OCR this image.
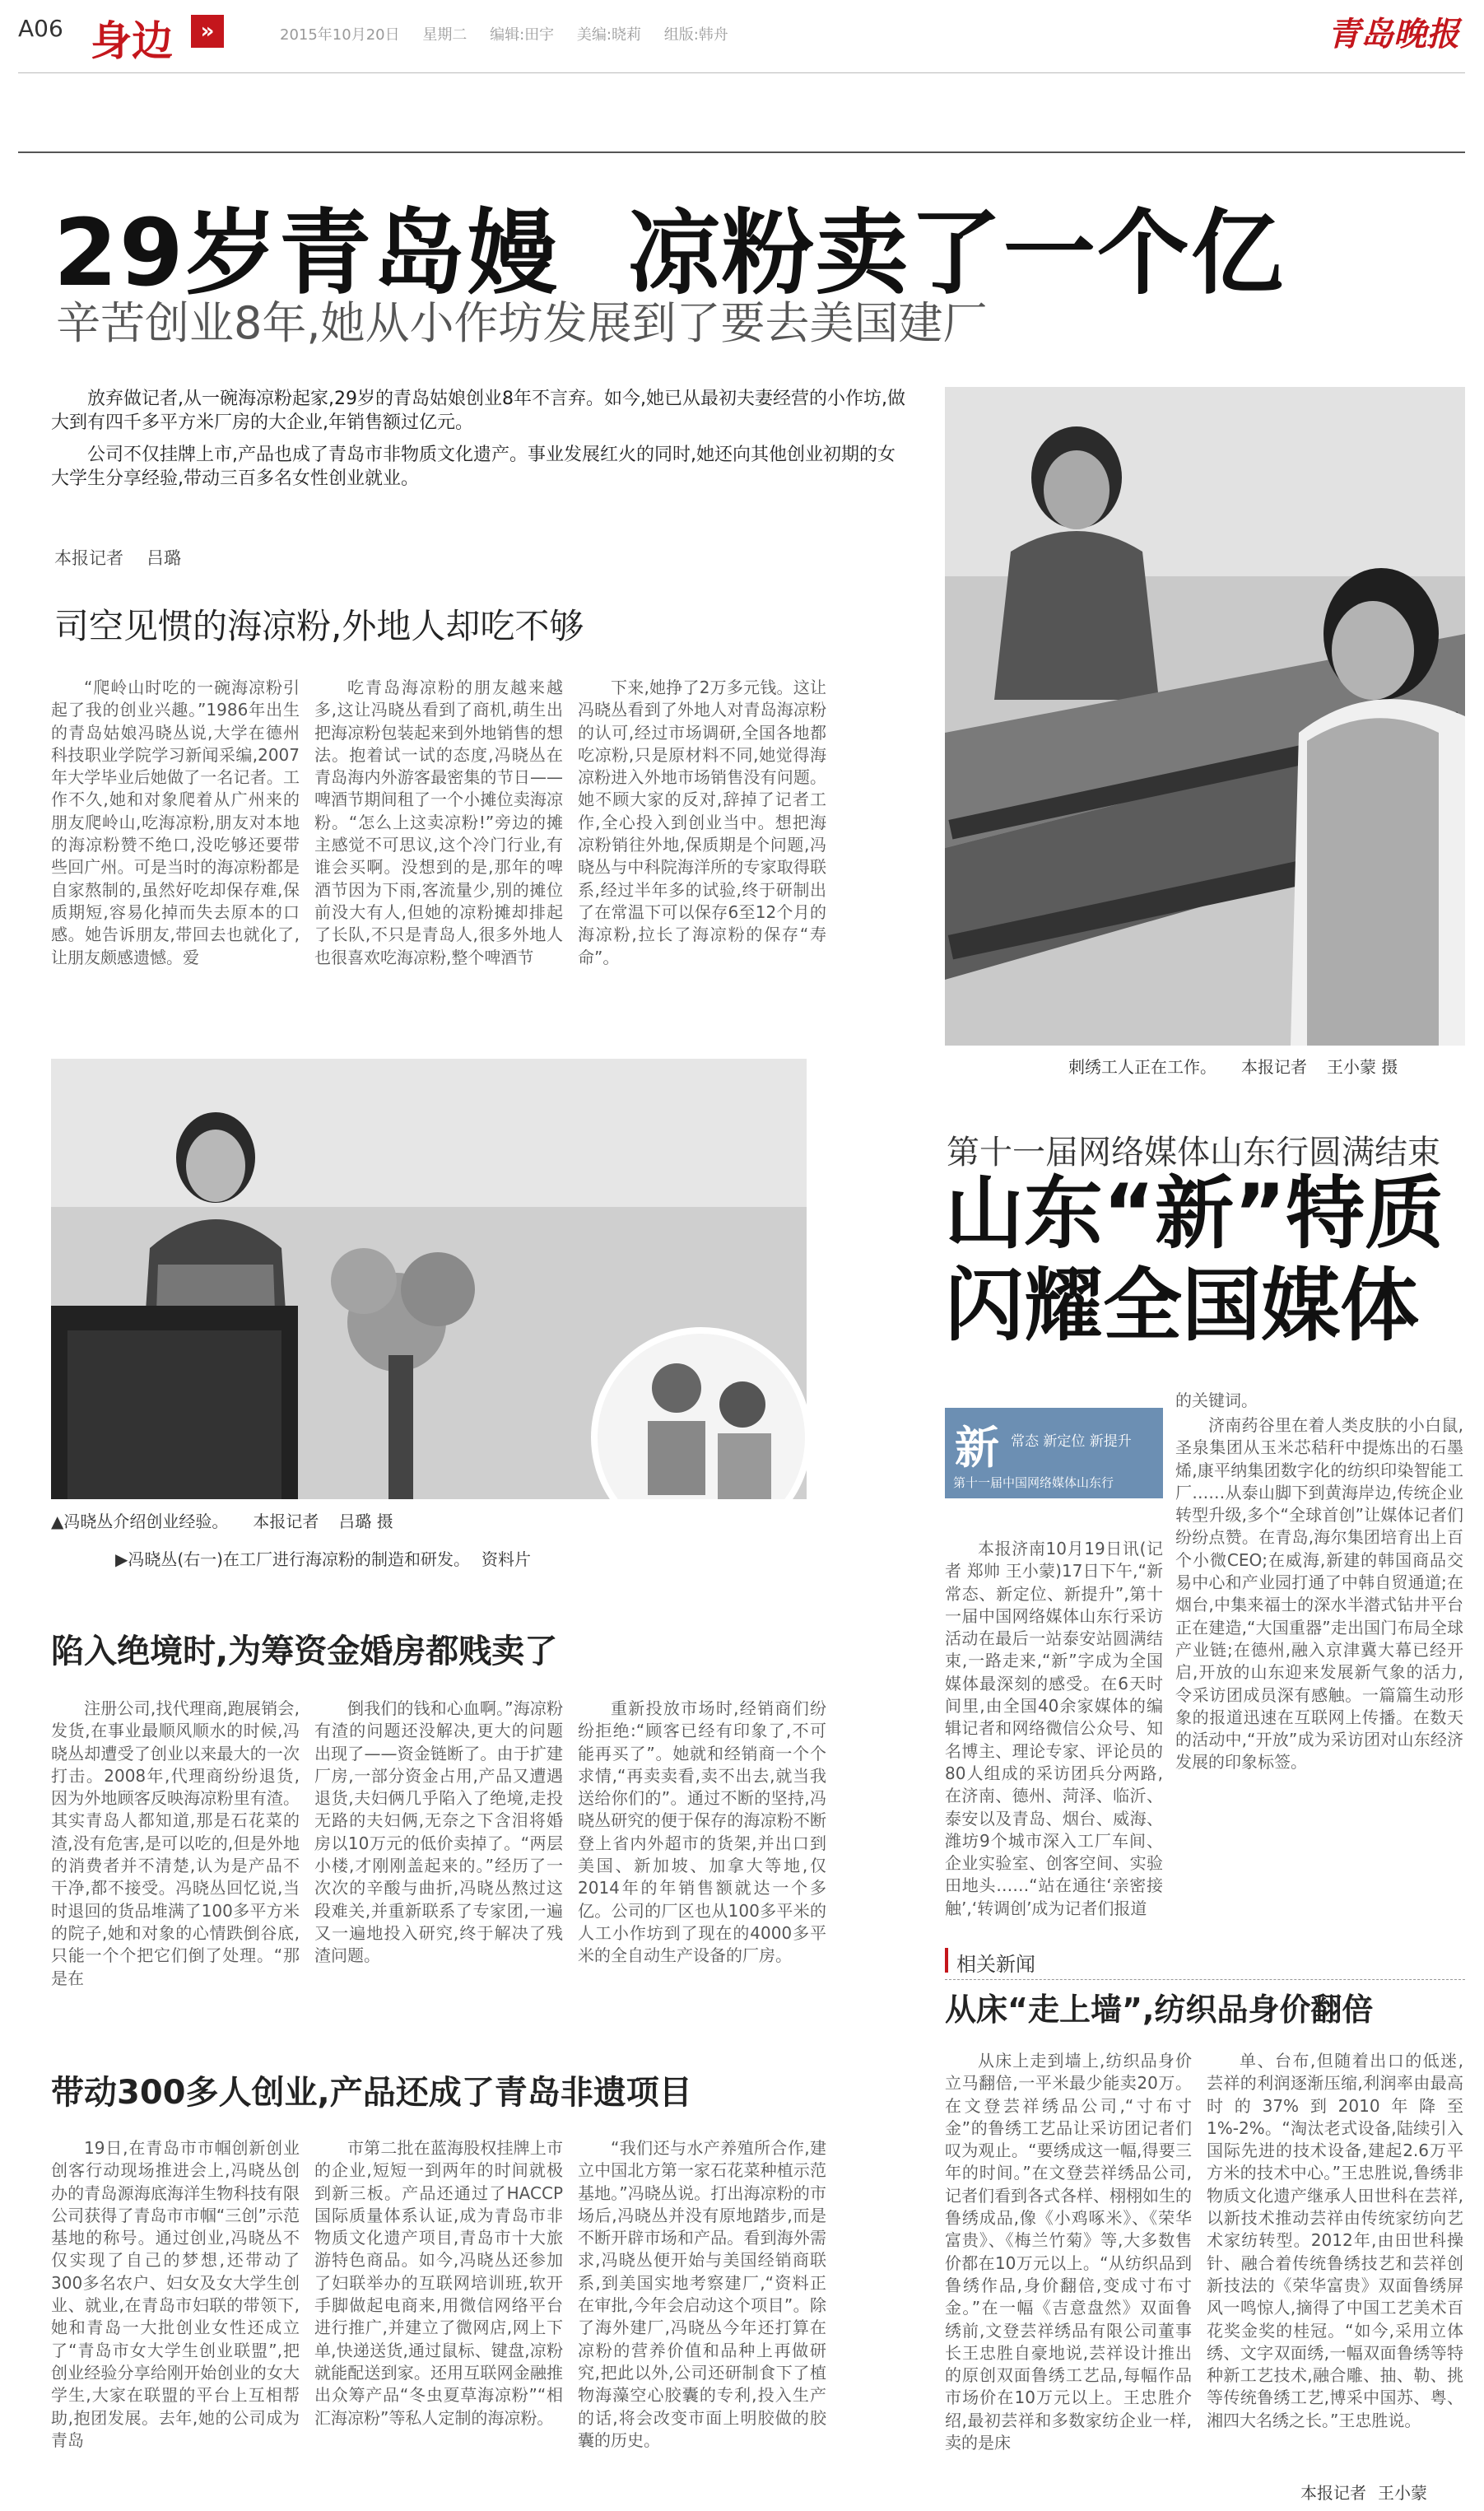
A06 身边	»	2015年10月20日 星期二 编辑:田宇 美编:晓莉 组版:韩舟	青岛晚报
29岁青岛嫚  凉粉卖了一个亿
辛苦创业8年,她从小作坊发展到了要去美国建厂

放弃做记者,从一碗海凉粉起家,29岁的青岛姑娘创业8年不言弃。如今,她已从最初夫妻经营的小作坊,做大到有四千多平方米厂房的大企业,年销售额过亿元。

公司不仅挂牌上市,产品也成了青岛市非物质文化遗产。事业发展红火的同时,她还向其他创业初期的女大学生分享经验,带动三百多名女性创业就业。

本报记者 吕璐
司空见惯的海凉粉,外地人却吃不够

“爬岭山时吃的一碗海凉粉引起了我的创业兴趣。”1986年出生的青岛姑娘冯晓丛说,大学在德州科技职业学院学习新闻采编,2007年大学毕业后她做了一名记者。工作不久,她和对象爬着从广州来的朋友爬岭山,吃海凉粉,朋友对本地的海凉粉赞不绝口,没吃够还要带些回广州。可是当时的海凉粉都是自家熬制的,虽然好吃却保存难,保质期短,容易化掉而失去原本的口感。她告诉朋友,带回去也就化了,让朋友颇感遗憾。爱

吃青岛海凉粉的朋友越来越多,这让冯晓丛看到了商机,萌生出把海凉粉包装起来到外地销售的想法。抱着试一试的态度,冯晓丛在青岛海内外游客最密集的节日——啤酒节期间租了一个小摊位卖海凉粉。“怎么上这卖凉粉!”旁边的摊主感觉不可思议,这个冷门行业,有谁会买啊。没想到的是,那年的啤酒节因为下雨,客流量少,别的摊位前没大有人,但她的凉粉摊却排起了长队,不只是青岛人,很多外地人也很喜欢吃海凉粉,整个啤酒节

下来,她挣了2万多元钱。这让冯晓丛看到了外地人对青岛海凉粉的认可,经过市场调研,全国各地都吃凉粉,只是原材料不同,她觉得海凉粉进入外地市场销售没有问题。她不顾大家的反对,辞掉了记者工作,全心投入到创业当中。想把海凉粉销往外地,保质期是个问题,冯晓丛与中科院海洋所的专家取得联系,经过半年多的试验,终于研制出了在常温下可以保存6至12个月的海凉粉,拉长了海凉粉的保存“寿命”。

▲冯晓丛介绍创业经验。 本报记者 吕璐 摄
▶冯晓丛(右一)在工厂进行海凉粉的制造和研发。 资料片
陷入绝境时,为筹资金婚房都贱卖了

注册公司,找代理商,跑展销会,发货,在事业最顺风顺水的时候,冯晓丛却遭受了创业以来最大的一次打击。2008年,代理商纷纷退货,因为外地顾客反映海凉粉里有渣。其实青岛人都知道,那是石花菜的渣,没有危害,是可以吃的,但是外地的消费者并不清楚,认为是产品不干净,都不接受。冯晓丛回忆说,当时退回的货品堆满了100多平方米的院子,她和对象的心情跌倒谷底,只能一个个把它们倒了处理。“那是在

倒我们的钱和心血啊。”海凉粉有渣的问题还没解决,更大的问题出现了——资金链断了。由于扩建厂房,一部分资金占用,产品又遭遇退货,夫妇俩几乎陷入了绝境,走投无路的夫妇俩,无奈之下含泪将婚房以10万元的低价卖掉了。“两层小楼,才刚刚盖起来的。”经历了一次次的辛酸与曲折,冯晓丛熬过这段难关,并重新联系了专家团,一遍又一遍地投入研究,终于解决了残渣问题。

重新投放市场时,经销商们纷纷拒绝:“顾客已经有印象了,不可能再买了”。她就和经销商一个个求情,“再卖卖看,卖不出去,就当我送给你们的”。通过不断的坚持,冯晓丛研究的便于保存的海凉粉不断登上省内外超市的货架,并出口到美国、新加坡、加拿大等地,仅2014年的年销售额就达一个多亿。公司的厂区也从100多平米的人工小作坊到了现在的4000多平米的全自动生产设备的厂房。

带动300多人创业,产品还成了青岛非遗项目

19日,在青岛市市帼创新创业创客行动现场推进会上,冯晓丛创办的青岛源海底海洋生物科技有限公司获得了青岛市市帼“三创”示范基地的称号。通过创业,冯晓丛不仅实现了自己的梦想,还带动了300多名农户、妇女及女大学生创业、就业,在青岛市妇联的带领下,她和青岛一大批创业女性还成立了“青岛市女大学生创业联盟”,把创业经验分享给刚开始创业的女大学生,大家在联盟的平台上互相帮助,抱团发展。去年,她的公司成为青岛

市第二批在蓝海股权挂牌上市的企业,短短一到两年的时间就极到新三板。产品还通过了HACCP国际质量体系认证,成为青岛市非物质文化遗产项目,青岛市十大旅游特色商品。如今,冯晓丛还参加了妇联举办的互联网培训班,软开手脚做起电商来,用微信网络平台进行推广,并建立了微网店,网上下单,快递送货,通过鼠标、键盘,凉粉就能配送到家。还用互联网金融推出众筹产品“冬虫夏草海凉粉”“相汇海凉粉”等私人定制的海凉粉。

“我们还与水产养殖所合作,建立中国北方第一家石花菜种植示范基地。”冯晓丛说。打出海凉粉的市场后,冯晓丛并没有原地踏步,而是不断开辟市场和产品。看到海外需求,冯晓丛便开始与美国经销商联系,到美国实地考察建厂,“资料正在审批,今年会启动这个项目”。除了海外建厂,冯晓丛今年还打算在凉粉的营养价值和品种上再做研究,把此以外,公司还研制食下了植物海藻空心胶囊的专利,投入生产的话,将会改变市面上明胶做的胶囊的历史。

刺绣工人正在工作。 本报记者 王小蒙 摄
第十一届网络媒体山东行圆满结束
山东“新”特质
闪耀全国媒体

的关键词。

新 常态 新定位 新提升
第十一届中国网络媒体山东行

本报济南10月19日讯(记者 郑帅 王小蒙)17日下午,“新常态、新定位、新提升”,第十一届中国网络媒体山东行采访活动在最后一站泰安站圆满结束,一路走来,“新”字成为全国媒体最深刻的感受。在6天时间里,由全国40余家媒体的编辑记者和网络微信公众号、知名博主、理论专家、评论员的80人组成的采访团兵分两路,在济南、德州、菏泽、临沂、泰安以及青岛、烟台、威海、潍坊9个城市深入工厂车间、企业实验室、创客空间、实验田地头……“站在通往‘亲密接触’,‘转调创’成为记者们报道

济南药谷里在着人类皮肤的小白鼠,圣泉集团从玉米芯秸秆中提炼出的石墨烯,康平纳集团数字化的纺织印染智能工厂……从泰山脚下到黄海岸边,传统企业转型升级,多个“全球首创”让媒体记者们纷纷点赞。在青岛,海尔集团培育出上百个小微CEO;在威海,新建的韩国商品交易中心和产业园打通了中韩自贸通道;在烟台,中集来福士的深水半潜式钻井平台正在建造,“大国重器”走出国门布局全球产业链;在德州,融入京津冀大幕已经开启,开放的山东迎来发展新气象的活力,令采访团成员深有感触。一篇篇生动形象的报道迅速在互联网上传播。在数天的活动中,“开放”成为采访团对山东经济发展的印象标签。

相关新闻
从床“走上墙”,纺织品身价翻倍

从床上走到墙上,纺织品身价立马翻倍,一平米最少能卖20万。在文登芸祥绣品公司,“寸布寸金”的鲁绣工艺品让采访团记者们叹为观止。“要绣成这一幅,得要三年的时间。”在文登芸祥绣品公司,记者们看到各式各样、栩栩如生的鲁绣成品,像《小鸡啄米》、《荣华富贵》、《梅兰竹菊》等,大多数售价都在10万元以上。“从纺织品到鲁绣作品,身价翻倍,变成寸布寸金。”在一幅《吉意盘然》双面鲁绣前,文登芸祥绣品有限公司董事长王忠胜自豪地说,芸祥设计推出的原创双面鲁绣工艺品,每幅作品市场价在10万元以上。王忠胜介绍,最初芸祥和多数家纺企业一样,卖的是床

单、台布,但随着出口的低迷,芸祥的利润逐渐压缩,利润率由最高时的37%到2010年降至1%-2%。“淘汰老式设备,陆续引入国际先进的技术设备,建起2.6万平方米的技术中心。”王忠胜说,鲁绣非物质文化遗产继承人田世科在芸祥,以新技术推动芸祥由传统家纺向艺术家纺转型。2012年,由田世科操针、融合着传统鲁绣技艺和芸祥创新技法的《荣华富贵》双面鲁绣屏风一鸣惊人,摘得了中国工艺美术百花奖金奖的桂冠。“如今,采用立体绣、文字双面绣,一幅双面鲁绣等特种新工艺技术,融合雕、抽、勒、挑等传统鲁绣工艺,博采中国苏、粤、湘四大名绣之长。”王忠胜说。

本报记者 王小蒙
